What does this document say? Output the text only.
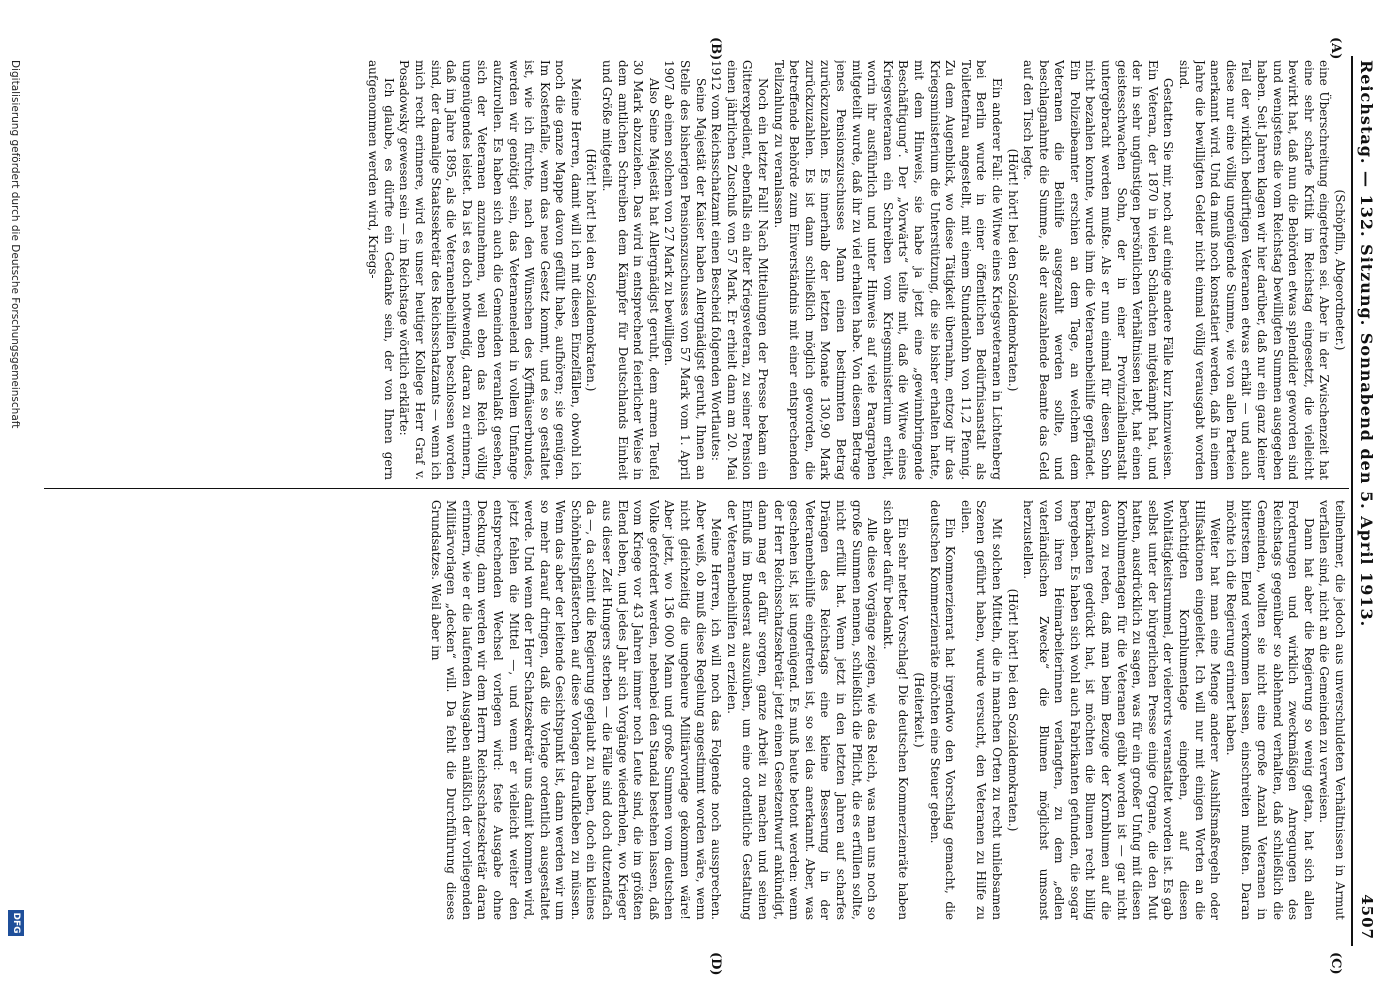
Reichstag. — 132. Sitzung. Sonnabend den 5. April 1913.
4507
(A)
(B)
(C)
(D)

(Schöpflin, Abgeordneter.)

eine Überschreitung eingetreten sei. Aber in der Zwischenzeit hat eine sehr scharfe Kritik im Reichstag eingesetzt, die vielleicht bewirkt hat, daß nun die Behörden etwas splendider geworden sind und wenigstens die vom Reichstag bewilligten Summen ausgegeben haben. Seit Jahren klagen wir hier darüber, daß nur ein ganz kleiner Teil der wirklich bedürftigen Veteranen etwas erhält — und auch diese nur eine völlig ungenügende Summe, wie von allen Parteien anerkannt wird. Und da muß noch konstatiert werden, daß in einem Jahre die bewilligten Gelder nicht einmal völlig verausgabt worden sind.

Gestatten Sie mir, noch auf einige andere Fälle kurz hinzuweisen. Ein Veteran, der 1870 in vielen Schlachten mitgekämpft hat, und der in sehr ungünstigen persönlichen Verhältnissen lebt, hat einen geistesschwachen Sohn, der in einer Provinzialheilanstalt untergebracht werden mußte. Als er nun einmal für diesen Sohn nicht bezahlen konnte, wurde ihm die Veteranenbeihilfe gepfändet. Ein Polizeibeamter erschien an dem Tage, an welchem dem Veteranen die Beihilfe ausgezahlt werden sollte, und beschlagnahmte die Summe, als der auszahlende Beamte das Geld auf den Tisch legte.

(Hört! hört! bei den Sozialdemokraten.)

Ein anderer Fall: die Witwe eines Kriegsveteranen in Lichtenberg bei Berlin wurde in einer öffentlichen Bedürfnisanstalt als Toilettenfrau angestellt, mit einem Stundenlohn von 11,2 Pfennig. Zu dem Augenblick, wo diese Tätigkeit übernahm, entzog ihr das Kriegsministerium die Unterstützung, die sie bisher erhalten hatte, mit dem Hinweis, sie habe ja jetzt eine „gewinnbringende Beschäftigung“. Der „Vorwärts“ teilte mit, daß die Witwe eines Kriegsveteranen ein Schreiben vom Kriegsministerium erhielt, worin ihr ausführlich und unter Hinweis auf viele Paragraphen mitgeteilt wurde, daß ihr zu viel erhalten habe. Von diesem Betrage jenes Pensionszuschusses Mann einen bestimmten Betrag zurückzuzahlen. Es innerhalb der letzten Monate 130,90 Mark zurückzuzahlen. Es ist dann schließlich möglich geworden, die betreffende Behörde zum Einverständnis mit einer entsprechenden Teilzahlung zu veranlassen.

Noch ein letzter Fall! Nach Mitteilungen der Presse bekam ein Gitterexpedient, ebenfalls ein alter Kriegsveteran, zu seiner Pension einen jährlichen Zuschuß von 57 Mark. Er erhielt dann am 20. Mai 1912 vom Reichsschatzamt einen Bescheid folgenden Wortlautes:

Seine Majestät der Kaiser haben Allergnädigst geruht, Ihnen an Stelle des bisherigen Pensionszuschusses von 57 Mark vom 1. April 1907 ab einen solchen von 27 Mark zu bewilligen.

Also Seine Majestät hat Allergnädigst geruht, dem armen Teufel 30 Mark abzuziehen. Das wird in entsprechend feierlicher Weise in dem amtlichen Schreiben dem Kämpfer für Deutschlands Einheit und Größe mitgeteilt.

(Hört! hört! bei den Sozialdemokraten.)

Meine Herren, damit will ich mit diesen Einzelfällen, obwohl ich noch die ganze Mappe davon gefüllt habe, aufhören; sie genügen. Im Kostenfalle, wenn das neue Gesetz kommt, und es so gestaltet ist, wie ich fürchte, nach den Wünschen des Kyffhäuserbundes, werden wir genötigt sein, das Veteranenelend in vollem Umfange aufzurollen. Es haben sich auch die Gemeinden veranlaßt gesehen, sich der Veteranen anzunehmen, weil eben das Reich völlig ungenügendes leistet. Da ist es doch notwendig, daran zu erinnern, daß im Jahre 1895, als die Veteranenbeihilfen beschlossen worden sind, der damalige Staatssekretär des Reichsschatzamts — wenn ich mich recht erinnere, wird es unser heutiger Kollege Herr Graf v. Posadowsky gewesen sein — im Reichstage wörtlich erklärte:

Ich glaube, es dürfte ein Gedanke sein, der von Ihnen gern aufgenommen werden wird, Kriegs-

teilnehmer, die jedoch aus unverschuldeten Verhältnissen in Armut verfallen sind, nicht an die Gemeinden zu verweisen.

Dann hat aber die Regierung so wenig getan, hat sich allen Forderungen und wirklich zweckmäßigen Anregungen des Reichstags gegenüber so ablehnend verhalten, daß schließlich die Gemeinden, wollten sie nicht eine große Anzahl Veteranen in bitterstem Elend verkommen lassen, einschreiten mußten. Daran möchte ich die Regierung erinnert haben.

Weiter hat man eine Menge anderer Aushilfsmaßregeln oder Hilfsaktionen eingeleitet. Ich will nur mit einigen Worten an die berüchtigten Kornblumentage eingehen, auf diesen Wohltätigkeitsrummel, der vielerorts veranstaltet worden ist. Es gab selbst unter der bürgerlichen Presse einige Organe, die den Mut hatten, ausdrücklich zu sagen, was für ein großer Unfug mit diesen Kornblumentagen für die Veteranen geübt worden ist — gar nicht davon zu reden, daß man beim Bezuge der Kornblumen auf die Fabrikanten gedrückt hat, ist möchten die Blumen recht billig hergeben. Es haben sich wohl auch Fabrikanten gefunden, die sogar von ihren Heimarbeiterinnen verlangten, zu dem „edlen vaterländischen Zwecke“ die Blumen möglichst umsonst herzustellen.

(Hört! hört! bei den Sozialdemokraten.)

Mit solchen Mitteln, die in manchen Orten zu recht unliebsamen Szenen geführt haben, wurde versucht, den Veteranen zu Hilfe zu eilen.

Ein Kommerzienrat hat irgendwo den Vorschlag gemacht, die deutschen Kommerzienräte möchten eine Steuer geben.

(Heiterkeit.)

Ein sehr netter Vorschlag! Die deutschen Kommerzienräte haben sich aber dafür bedankt.

Alle diese Vorgänge zeigen, wie das Reich, was man uns noch so große Summen nennen, schließlich die Pflicht, die es erfüllen sollte, nicht erfüllt hat. Wenn jetzt in den letzten Jahren auf scharfes Drängen des Reichstags eine kleine Besserung in der Veteranenbeihilfe eingetreten ist, so sei das anerkannt. Aber, was geschehen ist, ist ungenügend. Es muß heute betont werden: wenn der Herr Reichsschatzsekretär jetzt einen Gesetzentwurf ankündigt, dann mag er dafür sorgen, ganze Arbeit zu machen und seinen Einfluß im Bundesrat auszuüben, um eine ordentliche Gestaltung der Veteranenbeihilfen zu erzielen.

Meine Herren, ich will noch das Folgende noch aussprechen. Aber weiß, ob muß diese Regelung angestimmt worden wäre, wenn nicht gleichzeitig die ungeheure Militärvorlage gekommen wäre! Aber jetzt, wo 136 000 Mann und große Summen vom deutschen Volke gefordert werden, nebenbei den Standal bestehen lassen, daß vom Kriege vor 43 Jahren immer noch Leute sind, die im größten Elend leben, und jedes Jahr sich Vorgänge wiederholen, wo Krieger aus dieser Zeit Hungers sterben — die Fälle sind doch dutzendfach da —, da scheint die Regierung geglaubt zu haben, doch ein kleines Schönheitspflästerchen auf diese Vorlagen draufkleben zu müssen. Wenn das aber der leitende Gesichtspunkt ist, dann werden wir um so mehr darauf dringen, daß die Vorlage ordentlich ausgestaltet werde. Und wenn der Herr Schatzsekretär uns damit kommen wird, jetzt fehlen die Mittel —, und wenn er vielleicht weiter den entsprechenden Wechsel vorlegen wird: feste Ausgabe ohne Deckung, dann werden wir dem Herrn Reichsschatzsekretär daran erinnern, wie er die laufenden Ausgaben anläßlich der vorliegenden Militärvorlagen „decken“ will. Da fehlt die Durchführung dieses Grundsatzes. Weil aber im

Digitalisierung gefördert durch die Deutsche Forschungsgemeinschaft
DFG
